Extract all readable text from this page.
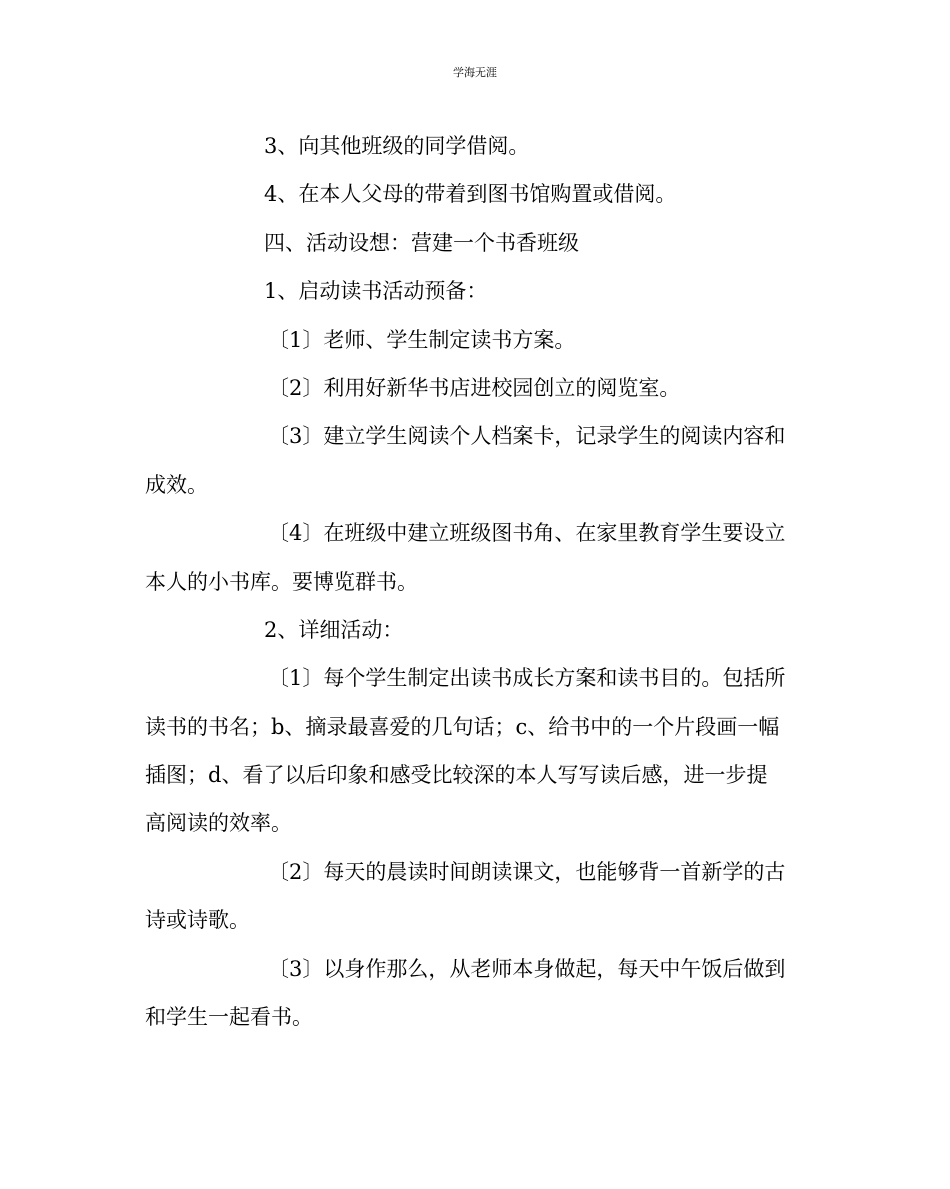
学海无涯
3、向其他班级的同学借阅。
4、在本人父母的带着到图书馆购置或借阅。
四、活动设想：营建一个书香班级
1、启动读书活动预备：
〔1〕老师、学生制定读书方案。
〔2〕利用好新华书店进校园创立的阅览室。
〔3〕建立学生阅读个人档案卡，记录学生的阅读内容和
成效。
〔4〕在班级中建立班级图书角、在家里教育学生要设立
本人的小书库。要博览群书。
2、详细活动：
〔1〕每个学生制定出读书成长方案和读书目的。包括所
读书的书名；b、摘录最喜爱的几句话；c、给书中的一个片段画一幅
插图；d、看了以后印象和感受比较深的本人写写读后感，进一步提
高阅读的效率。
〔2〕每天的晨读时间朗读课文，也能够背一首新学的古
诗或诗歌。
〔3〕以身作那么，从老师本身做起，每天中午饭后做到
和学生一起看书。
